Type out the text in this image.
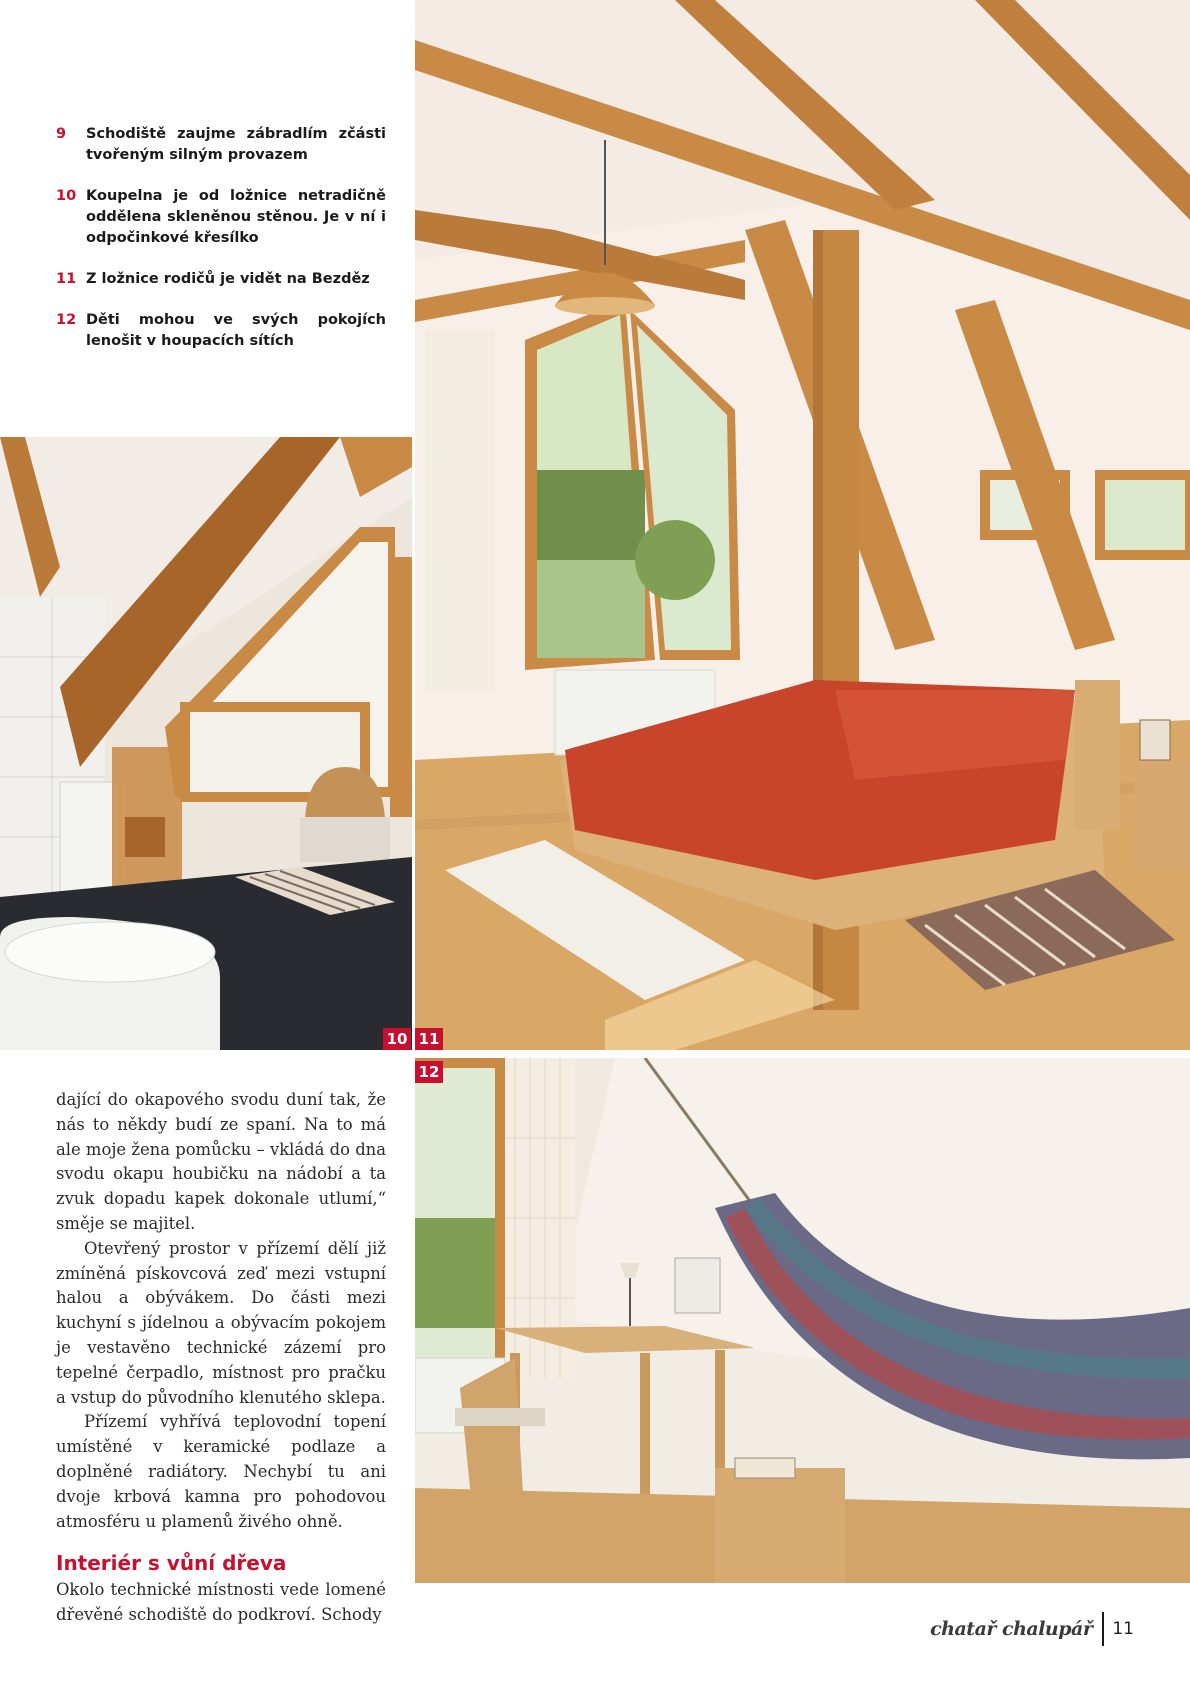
9 Schodiště zaujme zábradlím zčásti tvořeným silným provazem
10 Koupelna je od ložnice netradičně oddělena skleněnou stěnou. Je v ní i odpočinkové křesílko
11 Z ložnice rodičů je vidět na Bezděz
12 Děti mohou ve svých pokojích lenošit v houpacích sítích
10 11
12

dající do okapového svodu duní tak, že nás to někdy budí ze spaní. Na to má ale moje žena pomůcku – vkládá do dna svodu okapu houbičku na nádobí a ta zvuk dopadu kapek dokonale utlumí,“ směje se majitel.

Otevřený prostor v přízemí dělí již zmíněná pískovcová zeď mezi vstupní halou a obývákem. Do části mezi kuchyní s jídelnou a obývacím pokojem je vestavěno technické zázemí pro tepelné čerpadlo, místnost pro pračku a vstup do původního klenutého sklepa.

Přízemí vyhřívá teplovodní topení umístěné v keramické podlaze a doplněné radiátory. Nechybí tu ani dvoje krbová kamna pro pohodovou atmosféru u plamenů živého ohně.

Interiér s vůní dřeva

Okolo technické místnosti vede lomené dřevěné schodiště do podkroví. Schody

chatař chalupář 11
